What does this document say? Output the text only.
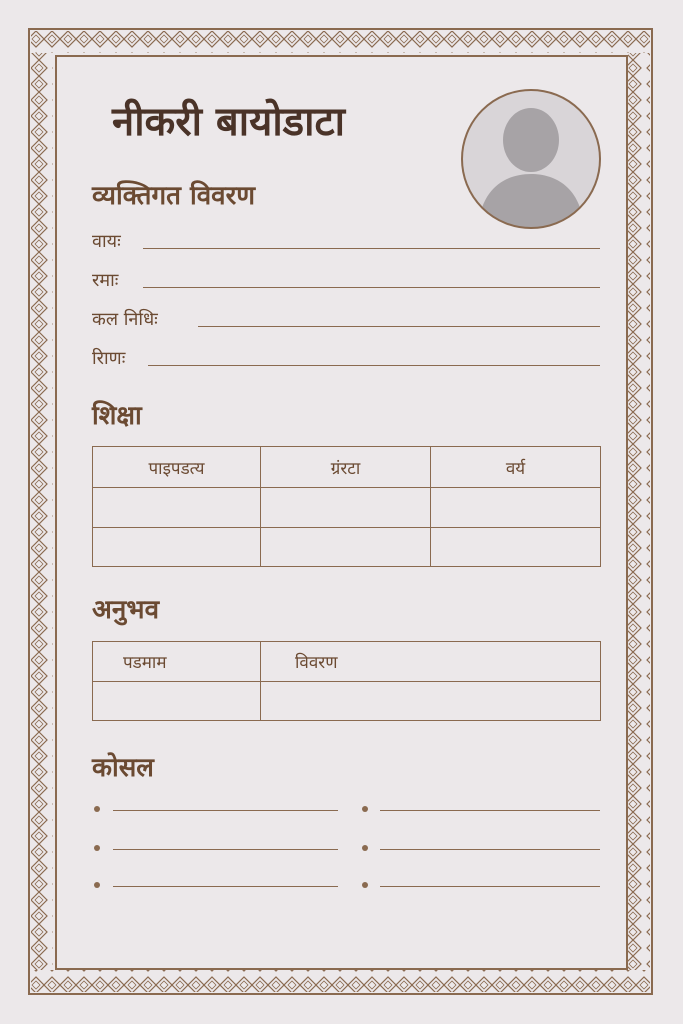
नीकरी बायोडाटा
व्यक्तिगत विवरण
वायः
रमाः
कल निधिः
रिाणः
शिक्षा
पाइपडत्य	ग्रंरटा	वर्य

अनुभव
पडमाम	विवरण

कोसल
